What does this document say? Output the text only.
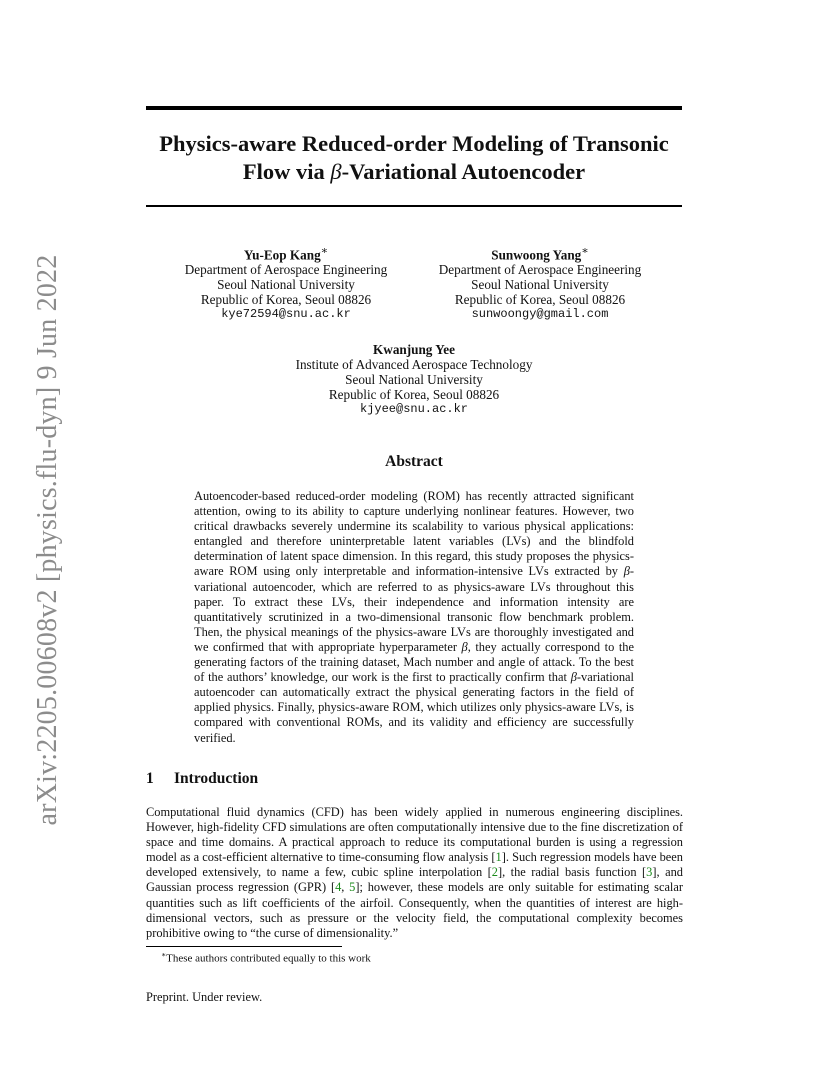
arXiv:2205.00608v2 [physics.flu-dyn] 9 Jun 2022
Physics-aware Reduced-order Modeling of Transonic
Flow via β-Variational Autoencoder
Yu-Eop Kang∗
Department of Aerospace Engineering
Seoul National University
Republic of Korea, Seoul 08826
kye72594@snu.ac.kr
Sunwoong Yang∗
Department of Aerospace Engineering
Seoul National University
Republic of Korea, Seoul 08826
sunwoongy@gmail.com
Kwanjung Yee
Institute of Advanced Aerospace Technology
Seoul National University
Republic of Korea, Seoul 08826
kjyee@snu.ac.kr
Abstract
Autoencoder-based reduced-order modeling (ROM) has recently attracted significant attention, owing to its ability to capture underlying nonlinear features. However, two critical drawbacks severely undermine its scalability to various physical applications: entangled and therefore uninterpretable latent variables (LVs) and the blindfold determination of latent space dimension. In this regard, this study proposes the physics-aware ROM using only interpretable and information-intensive LVs extracted by β-variational autoencoder, which are referred to as physics-aware LVs throughout this paper. To extract these LVs, their independence and information intensity are quantitatively scrutinized in a two-dimensional transonic flow benchmark problem. Then, the physical meanings of the physics-aware LVs are thoroughly investigated and we confirmed that with appropriate hyperparameter β, they actually correspond to the generating factors of the training dataset, Mach number and angle of attack. To the best of the authors’ knowledge, our work is the first to practically confirm that β-variational autoencoder can automatically extract the physical generating factors in the field of applied physics. Finally, physics-aware ROM, which utilizes only physics-aware LVs, is compared with conventional ROMs, and its validity and efficiency are successfully verified.
1 Introduction
Computational fluid dynamics (CFD) has been widely applied in numerous engineering disciplines. However, high-fidelity CFD simulations are often computationally intensive due to the fine discretization of space and time domains. A practical approach to reduce its computational burden is using a regression model as a cost-efficient alternative to time-consuming flow analysis [1]. Such regression models have been developed extensively, to name a few, cubic spline interpolation [2], the radial basis function [3], and Gaussian process regression (GPR) [4, 5]; however, these models are only suitable for estimating scalar quantities such as lift coefficients of the airfoil. Consequently, when the quantities of interest are high-dimensional vectors, such as pressure or the velocity field, the computational complexity becomes prohibitive owing to “the curse of dimensionality.”
∗These authors contributed equally to this work
Preprint. Under review.
